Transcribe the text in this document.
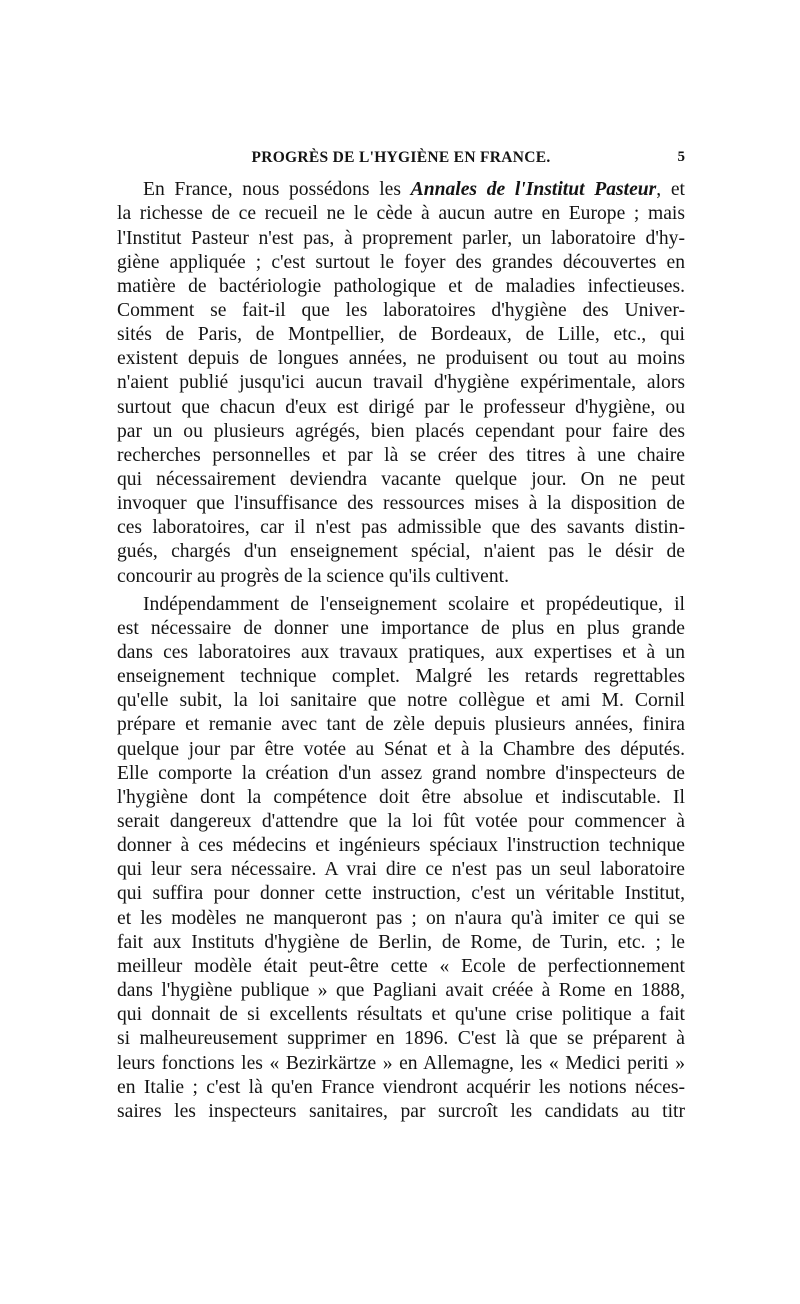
PROGRÈS DE L'HYGIÈNE EN FRANCE.	5
En France, nous possédons les Annales de l'Institut Pasteur, et
la richesse de ce recueil ne le cède à aucun autre en Europe ; mais
l'Institut Pasteur n'est pas, à proprement parler, un laboratoire d'hy-
giène appliquée ; c'est surtout le foyer des grandes découvertes en
matière de bactériologie pathologique et de maladies infectieuses.
Comment se fait-il que les laboratoires d'hygiène des Univer-
sités de Paris, de Montpellier, de Bordeaux, de Lille, etc., qui
existent depuis de longues années, ne produisent ou tout au moins
n'aient publié jusqu'ici aucun travail d'hygiène expérimentale, alors
surtout que chacun d'eux est dirigé par le professeur d'hygiène, ou
par un ou plusieurs agrégés, bien placés cependant pour faire des
recherches personnelles et par là se créer des titres à une chaire
qui nécessairement deviendra vacante quelque jour. On ne peut
invoquer que l'insuffisance des ressources mises à la disposition de
ces laboratoires, car il n'est pas admissible que des savants distin-
gués, chargés d'un enseignement spécial, n'aient pas le désir de
concourir au progrès de la science qu'ils cultivent.
Indépendamment de l'enseignement scolaire et propédeutique, il
est nécessaire de donner une importance de plus en plus grande
dans ces laboratoires aux travaux pratiques, aux expertises et à un
enseignement technique complet. Malgré les retards regrettables
qu'elle subit, la loi sanitaire que notre collègue et ami M. Cornil
prépare et remanie avec tant de zèle depuis plusieurs années, finira
quelque jour par être votée au Sénat et à la Chambre des députés.
Elle comporte la création d'un assez grand nombre d'inspecteurs de
l'hygiène dont la compétence doit être absolue et indiscutable. Il
serait dangereux d'attendre que la loi fût votée pour commencer à
donner à ces médecins et ingénieurs spéciaux l'instruction technique
qui leur sera nécessaire. A vrai dire ce n'est pas un seul laboratoire
qui suffira pour donner cette instruction, c'est un véritable Institut,
et les modèles ne manqueront pas ; on n'aura qu'à imiter ce qui se
fait aux Instituts d'hygiène de Berlin, de Rome, de Turin, etc. ; le
meilleur modèle était peut-être cette « Ecole de perfectionnement
dans l'hygiène publique » que Pagliani avait créée à Rome en 1888,
qui donnait de si excellents résultats et qu'une crise politique a fait
si malheureusement supprimer en 1896. C'est là que se préparent à
leurs fonctions les « Bezirkärtze » en Allemagne, les « Medici periti »
en Italie ; c'est là qu'en France viendront acquérir les notions néces-
saires les inspecteurs sanitaires, par surcroît les candidats au titr
